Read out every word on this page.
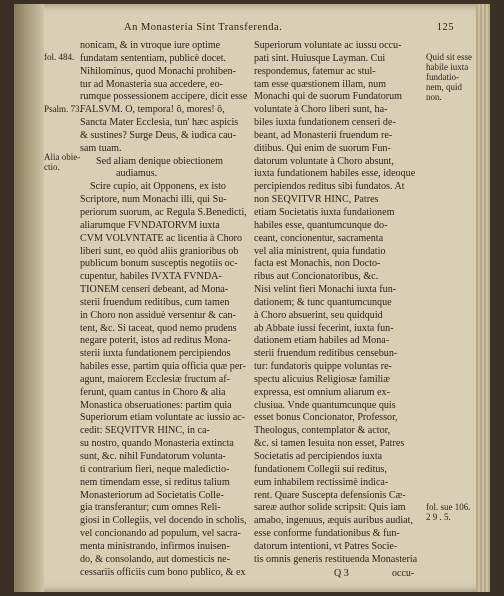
An Monasteria Sint Transferenda.	125
fol. 484.
Psalm. 73.
Alia obie-
ctio.
Quid sit esse
habile iuxta
fundatio-
nem, quid
non.
fol. sue 106.
2 9 . 5.

nonicam, & in vtroque iure optime

fundatam sententiam, publicè docet.

Nihilominus, quod Monachi prohiben-

tur ad Monasteria sua accedere, eo-

rumque possessionem accipere, dicit esse

FALSVM. O, tempora! ô, mores! ô,

Sancta Mater Ecclesia, tun' hæc aspicis

& sustines? Surge Deus, & iudica cau-

sam tuam.

Sed aliam denique obiectionem

audiamus.

Scire cupio, ait Opponens, ex isto

Scriptore, num Monachi illi, qui Su-

periorum suorum, ac Regula S.Benedicti,

aliarumque FVNDATORVM iuxta

CVM VOLVNTATE ac licentia à Choro

liberi sunt, eo quòd aliis granioribus ob

publicum bonum susceptis negotiis oc-

cupentur, habiles IVXTA FVNDA-

TIONEM censeri debeant, ad Mona-

sterii fruendum reditibus, cum tamen

in Choro non assiduè versentur & can-

tent, &c. Si taceat, quod nemo prudens

negare poterit, istos ad reditus Mona-

sterii iuxta fundationem percipiendos

habiles esse, partim quia officia quæ per-

agunt, maiorem Ecclesiæ fructum af-

ferunt, quam cantus in Choro & alia

Monastica obseruationes: partim quia

Superiorum etiam voluntate ac iussio ac-

cedit: SEQVITVR HINC, in ca-

su nostro, quando Monasteria extincta

sunt, &c. nihil Fundatorum volunta-

ti contrarium fieri, neque maledictio-

nem timendam esse, si reditus talium

Monasteriorum ad Societatis Colle-

gia transferantur; cum omnes Reli-

giosi in Collegiis, vel docendo in scholis,

vel concionando ad populum, vel sacra-

menta ministrando, infirmos inuisen-

do, & consolando, aut domesticis ne-

cessariis officiis cum bono publico, & ex

Superiorum voluntate ac iussu occu-

pati sint. Huiusque Layman. Cui

respondemus, fatemur ac stul-

tam esse quæstionem illam, num

Monachi qui de suorum Fundatorum

voluntate à Choro liberi sunt, ha-

biles iuxta fundationem censeri de-

beant, ad Monasterii fruendum re-

ditibus. Qui enim de suorum Fun-

datorum voluntate à Choro absunt,

iuxta fundationem habiles esse, ideoque

percipiendos reditus sibi fundatos. At

non SEQVITVR HINC, Patres

etiam Societatis iuxta fundationem

habiles esse, quantumcunque do-

ceant, concionentur, sacramenta

vel alia ministrent, quia fundatio

facta est Monachis, non Docto-

ribus aut Concionatoribus, &c.

Nisi velint fieri Monachi iuxta fun-

dationem; & tunc quantumcunque

à Choro absuerint, seu quidquid

ab Abbate iussi fecerint, iuxta fun-

dationem etiam habiles ad Mona-

sterii fruendum reditibus censebun-

tur: fundatoris quippe voluntas re-

spectu alicuius Religiosæ familiæ

expressa, est omnium aliarum ex-

clusiua. Vnde quantumcunque quis

esset bonus Concionator, Professor,

Theologus, contemplator & actor,

&c. si tamen Iesuita non esset, Patres

Societatis ad percipiendos iuxta

fundationem Collegii sui reditus,

eum inhabilem rectissimè indica-

rent. Quare Suscepta defensionis Cæ-

sareæ author solide scripsit: Quis iam

amabo, ingenuus, æquis auribus audiat,

esse conforme fundationibus & fun-

datorum intentioni, vt Patres Socie-

tis omnis generis restituenda Monasteria

Q 3	occu-
